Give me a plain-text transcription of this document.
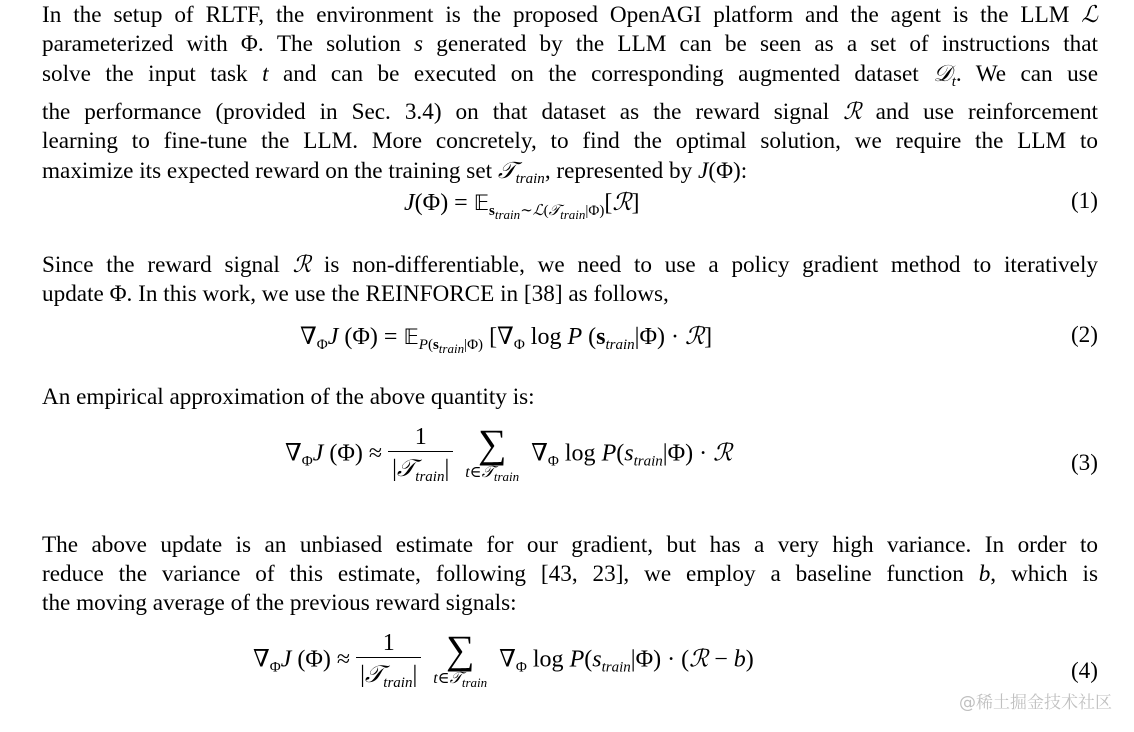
In the setup of RLTF, the environment is the proposed OpenAGI platform and the agent is the LLM ℒ
parameterized with Φ. The solution s generated by the LLM can be seen as a set of instructions that
solve the input task t and can be executed on the corresponding augmented dataset 𝒟$_t$. We can use
the performance (provided in Sec. 3.4) on that dataset as the reward signal ℛ and use reinforcement
learning to fine-tune the LLM. More concretely, to find the optimal solution, we require the LLM to
maximize its expected reward on the training set 𝒯$_{train}$, represented by J(Φ):
J(Φ) = 𝔼$_{strain\sim ℒ(𝒯train|\Phi)}$[ℛ]	(1)
Since the reward signal ℛ is non-differentiable, we need to use a policy gradient method to iteratively
update Φ. In this work, we use the REINFORCE in [38] as follows,
$\nabla_\Phi J$ (Φ) = 𝔼$_{P(strain|\Phi)}$ [$\nabla_\Phi$ log P $(s_{train}|\Phi)$ · ℛ]	(2)
An empirical approximation of the above quantity is:
$\nabla_\Phi J$ $(\Phi) \approx \frac{1}{|𝒯_{train}|}$
∑
t∈𝒯$_{train}$
$\nabla_\Phi$ $\log P(s_{train}|\Phi)$ · ℛ	(3)
The above update is an unbiased estimate for our gradient, but has a very high variance. In order to
reduce the variance of this estimate, following [43, 23], we employ a baseline function b, which is
the moving average of the previous reward signals:
$\nabla_\Phi J$ $(\Phi) \approx \frac{1}{|𝒯_{train}|}$
∑
t∈𝒯$_{train}$
$\nabla_\Phi$ $\log P(s_{train}|\Phi)$ · (ℛ − b)	(4)
@稀土掘金技术社区
